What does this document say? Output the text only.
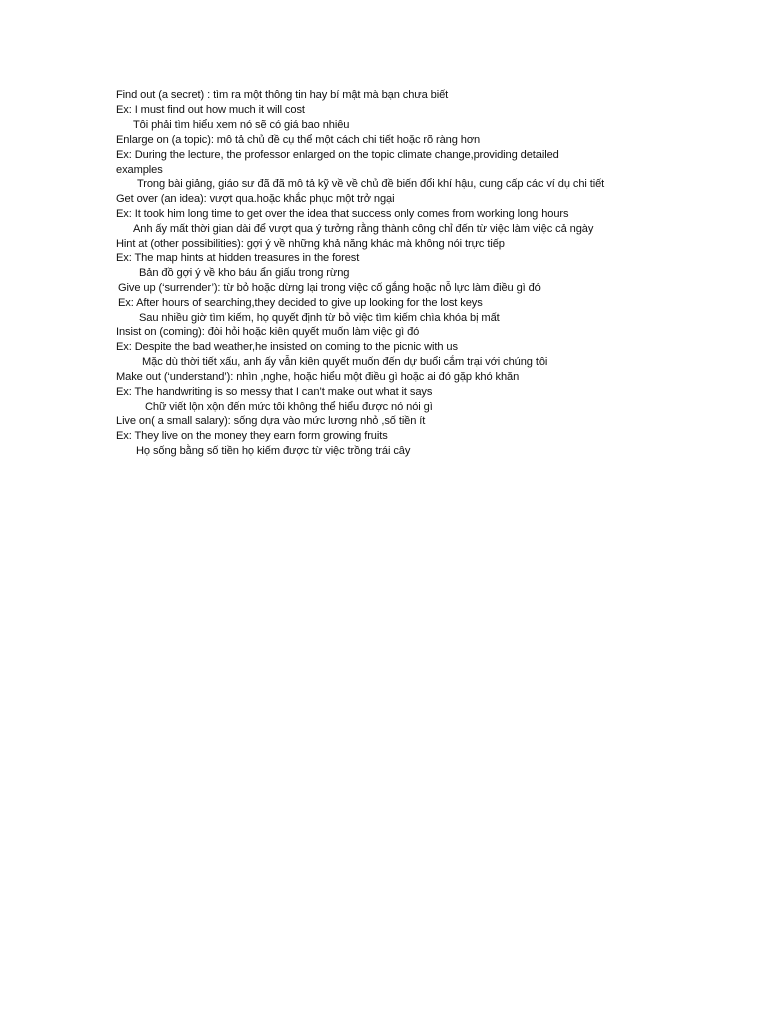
Find out (a secret) : tìm ra một thông tin hay bí mật mà bạn chưa biết
Ex: I must find out how much it will cost
Tôi phải tìm hiểu xem nó sẽ có giá bao nhiêu
Enlarge on (a topic): mô tả chủ đề cụ thể một cách chi tiết hoặc rõ ràng hơn
Ex: During the lecture, the professor enlarged on the topic climate change,providing detailed
examples
Trong bài giảng, giáo sư đã đã mô tả kỹ về về chủ đề biến đổi khí hậu, cung cấp các ví dụ chi tiết
Get over (an idea): vượt qua.hoặc khắc phục một trở ngại
Ex: It took him long time to get over the idea that success only comes from working long hours
Anh ấy mất thời gian dài để vượt qua ý tưởng rằng thành công chỉ đến từ việc làm việc cả ngày
Hint at (other possibilities): gợi ý về những khả năng khác mà không nói trực tiếp
Ex: The map hints at hidden treasures in the forest
Bản đồ gợi ý về kho báu ẩn giấu trong rừng
Give up (‘surrender’): từ bỏ hoặc dừng lại trong việc cố gắng hoặc nỗ lực làm điều gì đó
Ex: After hours of searching,they decided to give up looking for the lost keys
Sau nhiều giờ tìm kiếm, họ quyết định từ bỏ việc tìm kiếm chìa khóa bị mất
Insist on (coming): đòi hỏi hoặc kiên quyết muốn làm việc gì đó
Ex: Despite the bad weather,he insisted on coming to the picnic with us
Mặc dù thời tiết xấu, anh ấy vẫn kiên quyết muốn đến dự buổi cắm trại với chúng tôi
Make out (‘understand’): nhìn ,nghe, hoặc hiểu một điều gì hoặc ai đó gặp khó khăn
Ex: The handwriting is so messy that I can’t make out what it says
Chữ viết lộn xộn đến mức tôi không thể hiểu được nó nói gì
Live on( a small salary): sống dựa vào mức lương nhỏ ,số tiền ít
Ex: They live on the money they earn form growing fruits
Họ sống bằng số tiền họ kiếm được từ việc trồng trái cây
